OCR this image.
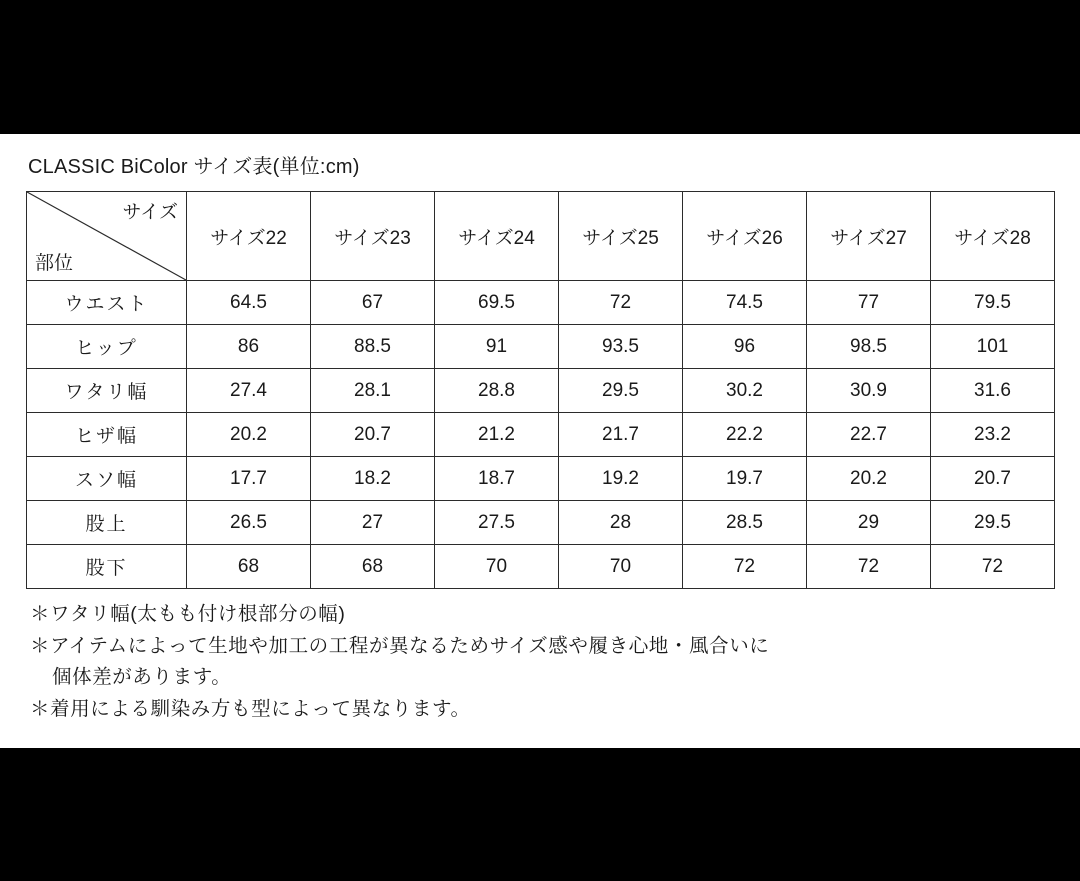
CLASSIC BiColor サイズ表(単位:cm)
サイズ
部位	サイズ22	サイズ23	サイズ24	サイズ25	サイズ26	サイズ27	サイズ28
ウエスト	64.5	67	69.5	72	74.5	77	79.5
ヒップ	86	88.5	91	93.5	96	98.5	101
ワタリ幅	27.4	28.1	28.8	29.5	30.2	30.9	31.6
ヒザ幅	20.2	20.7	21.2	21.7	22.2	22.7	23.2
スソ幅	17.7	18.2	18.7	19.2	19.7	20.2	20.7
股上	26.5	27	27.5	28	28.5	29	29.5
股下	68	68	70	70	72	72	72
＊ワタリ幅(太もも付け根部分の幅)
＊アイテムによって生地や加工の工程が異なるためサイズ感や履き心地・風合いに
個体差があります。
＊着用による馴染み方も型によって異なります。
